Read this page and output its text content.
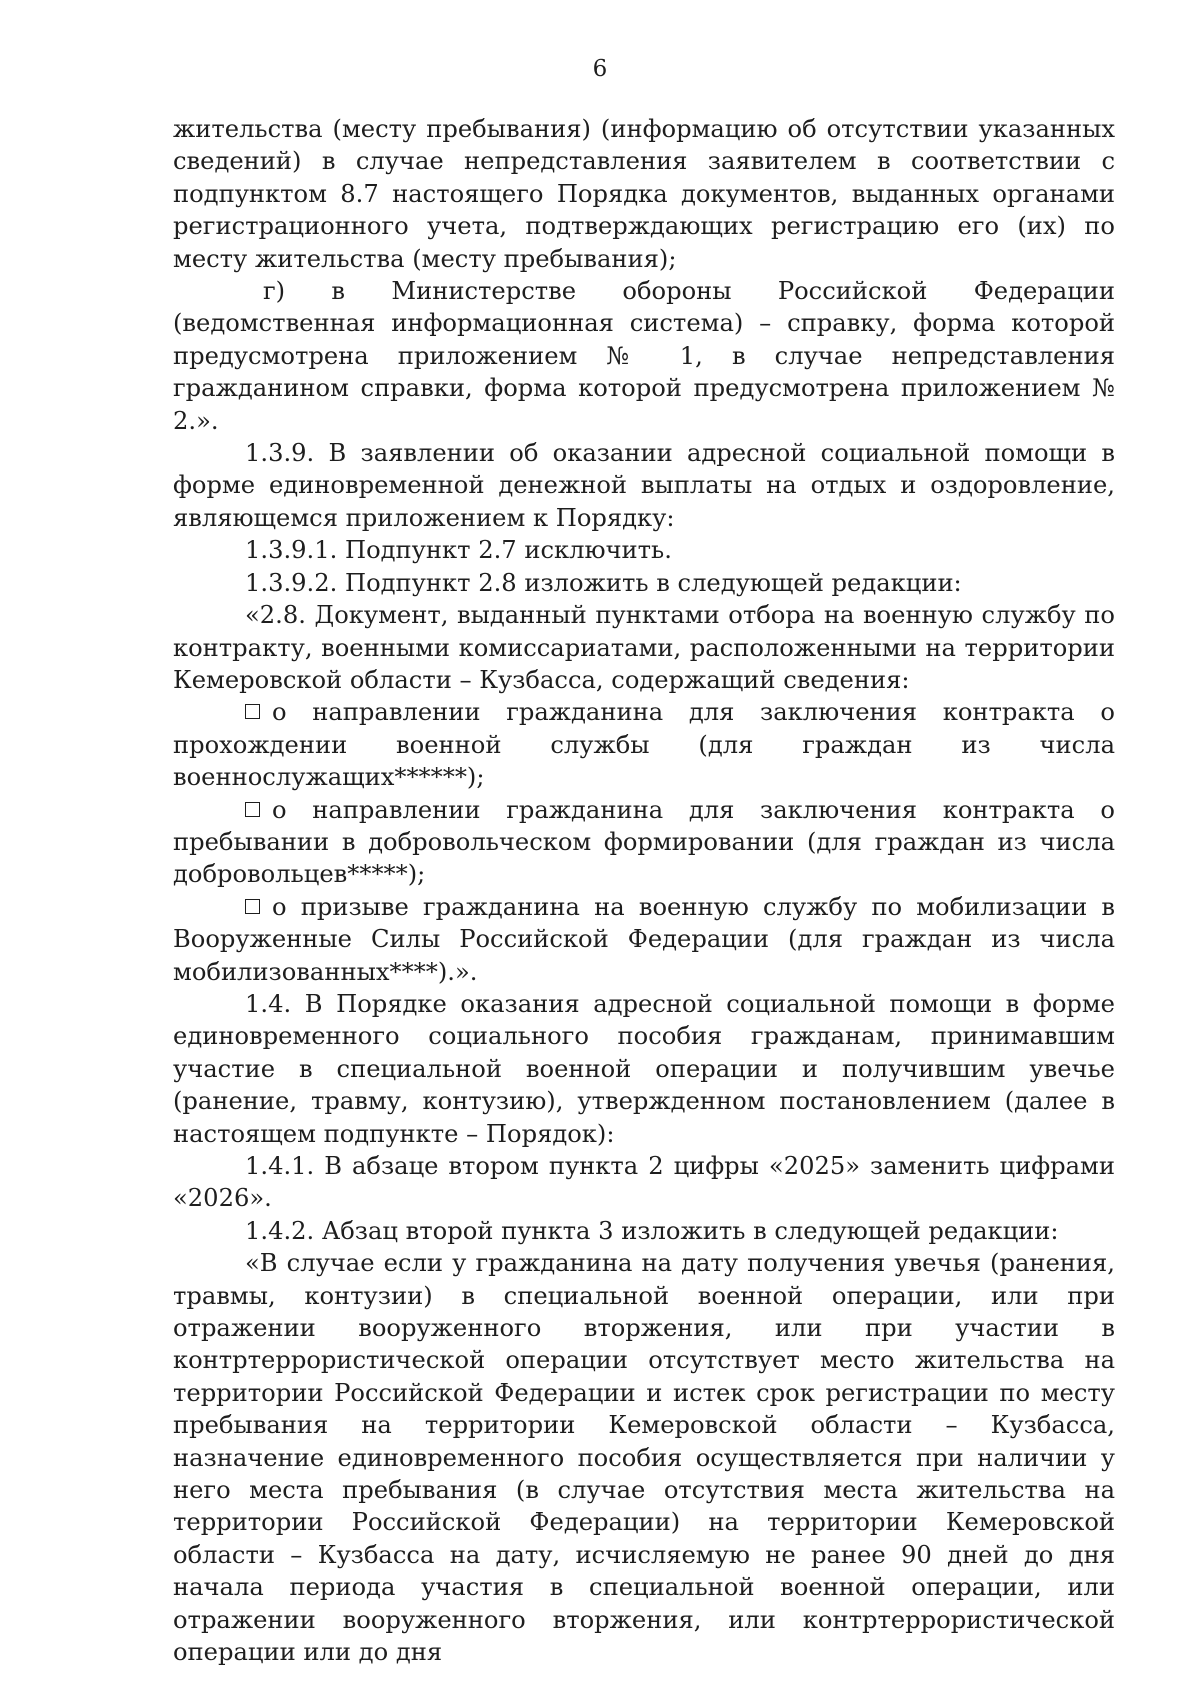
6

жительства (месту пребывания) (информацию об отсутствии указанных сведений) в случае непредставления заявителем в соответствии с подпунктом 8.7 настоящего Порядка документов, выданных органами регистрационного учета, подтверждающих регистрацию его (их) по месту жительства (месту пребывания);

г) в Министерстве обороны Российской Федерации (ведомственная информационная система) – справку, форма которой предусмотрена приложением № 1, в случае непредставления гражданином справки, форма которой предусмотрена приложением № 2.».

1.3.9. В заявлении об оказании адресной социальной помощи в форме единовременной денежной выплаты на отдых и оздоровление, являющемся приложением к Порядку:

1.3.9.1. Подпункт 2.7 исключить.

1.3.9.2. Подпункт 2.8 изложить в следующей редакции:

«2.8. Документ, выданный пунктами отбора на военную службу по контракту, военными комиссариатами, расположенными на территории Кемеровской области – Кузбасса, содержащий сведения:

о направлении гражданина для заключения контракта о прохождении военной службы (для граждан из числа военнослужащих******);

о направлении гражданина для заключения контракта о пребывании в добровольческом формировании (для граждан из числа добровольцев*****);

о призыве гражданина на военную службу по мобилизации в Вооруженные Силы Российской Федерации (для граждан из числа мобилизованных****).».

1.4. В Порядке оказания адресной социальной помощи в форме единовременного социального пособия гражданам, принимавшим участие в специальной военной операции и получившим увечье (ранение, травму, контузию), утвержденном постановлением (далее в настоящем подпункте – Порядок):

1.4.1. В абзаце втором пункта 2 цифры «2025» заменить цифрами «2026».

1.4.2. Абзац второй пункта 3 изложить в следующей редакции:

«В случае если у гражданина на дату получения увечья (ранения, травмы, контузии) в специальной военной операции, или при отражении вооруженного вторжения, или при участии в контртеррористической операции отсутствует место жительства на территории Российской Федерации и истек срок регистрации по месту пребывания на территории Кемеровской области – Кузбасса, назначение единовременного пособия осуществляется при наличии у него места пребывания (в случае отсутствия места жительства на территории Российской Федерации) на территории Кемеровской области – Кузбасса на дату, исчисляемую не ранее 90 дней до дня начала периода участия в специальной военной операции, или отражении вооруженного вторжения, или контртеррористической операции или до дня
